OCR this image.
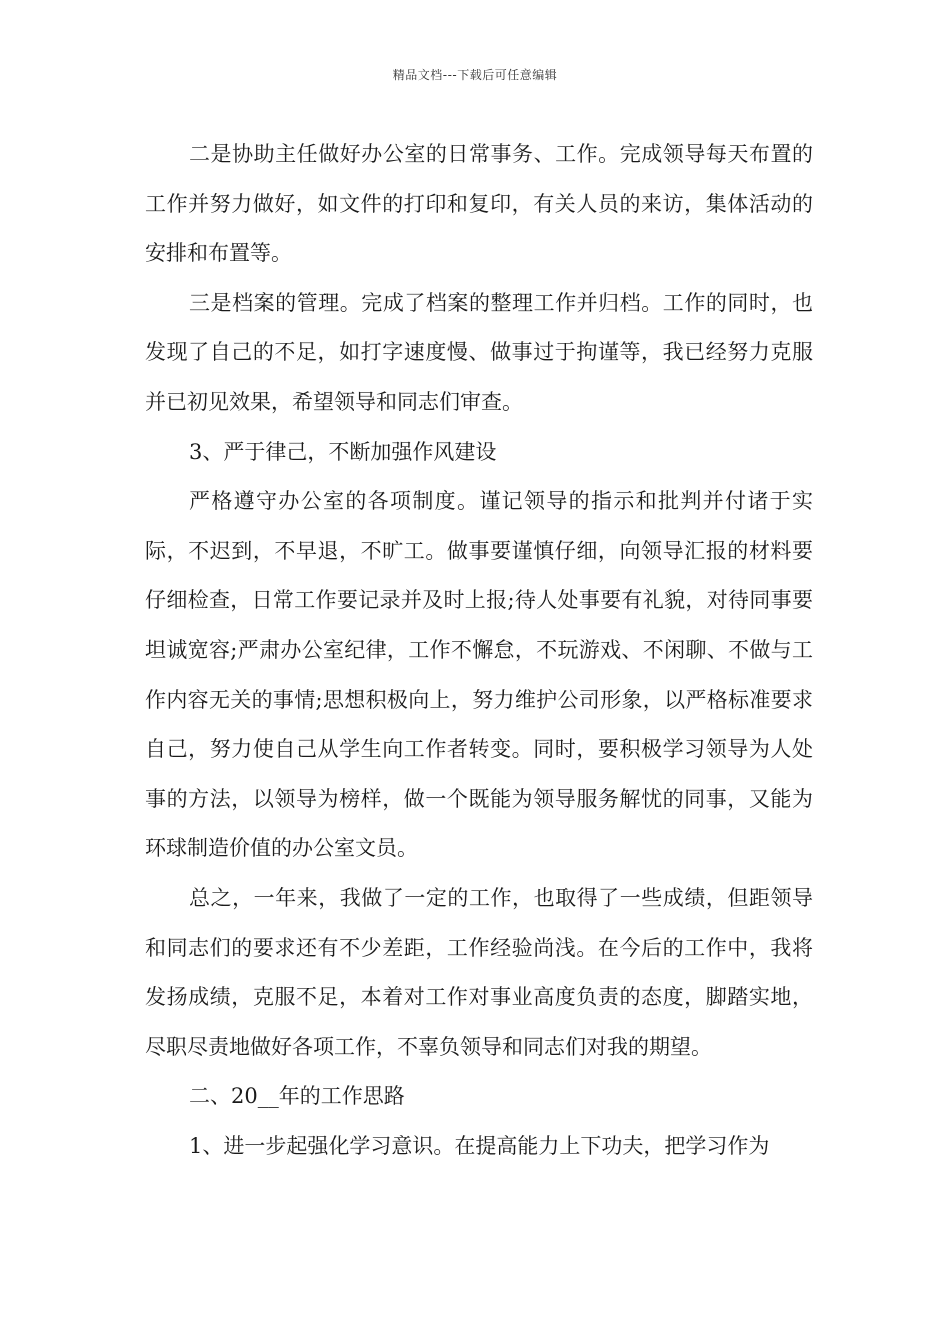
精品文档---下载后可任意编辑

二是协助主任做好办公室的日常事务、工作。完成领导每天布置的工作并努力做好，如文件的打印和复印，有关人员的来访，集体活动的安排和布置等。

三是档案的管理。完成了档案的整理工作并归档。工作的同时，也发现了自己的不足，如打字速度慢、做事过于拘谨等，我已经努力克服并已初见效果，希望领导和同志们审查。

3、严于律己，不断加强作风建设

严格遵守办公室的各项制度。谨记领导的指示和批判并付诸于实际，不迟到，不早退，不旷工。做事要谨慎仔细，向领导汇报的材料要仔细检查，日常工作要记录并及时上报;待人处事要有礼貌，对待同事要坦诚宽容;严肃办公室纪律，工作不懈怠，不玩游戏、不闲聊、不做与工作内容无关的事情;思想积极向上，努力维护公司形象，以严格标准要求自己，努力使自己从学生向工作者转变。同时，要积极学习领导为人处事的方法，以领导为榜样，做一个既能为领导服务解忧的同事，又能为环球制造价值的办公室文员。

总之，一年来，我做了一定的工作，也取得了一些成绩，但距领导和同志们的要求还有不少差距，工作经验尚浅。在今后的工作中，我将发扬成绩，克服不足，本着对工作对事业高度负责的态度，脚踏实地，尽职尽责地做好各项工作，不辜负领导和同志们对我的期望。

二、20__年的工作思路

1、进一步起强化学习意识。在提高能力上下功夫，把学习作为
